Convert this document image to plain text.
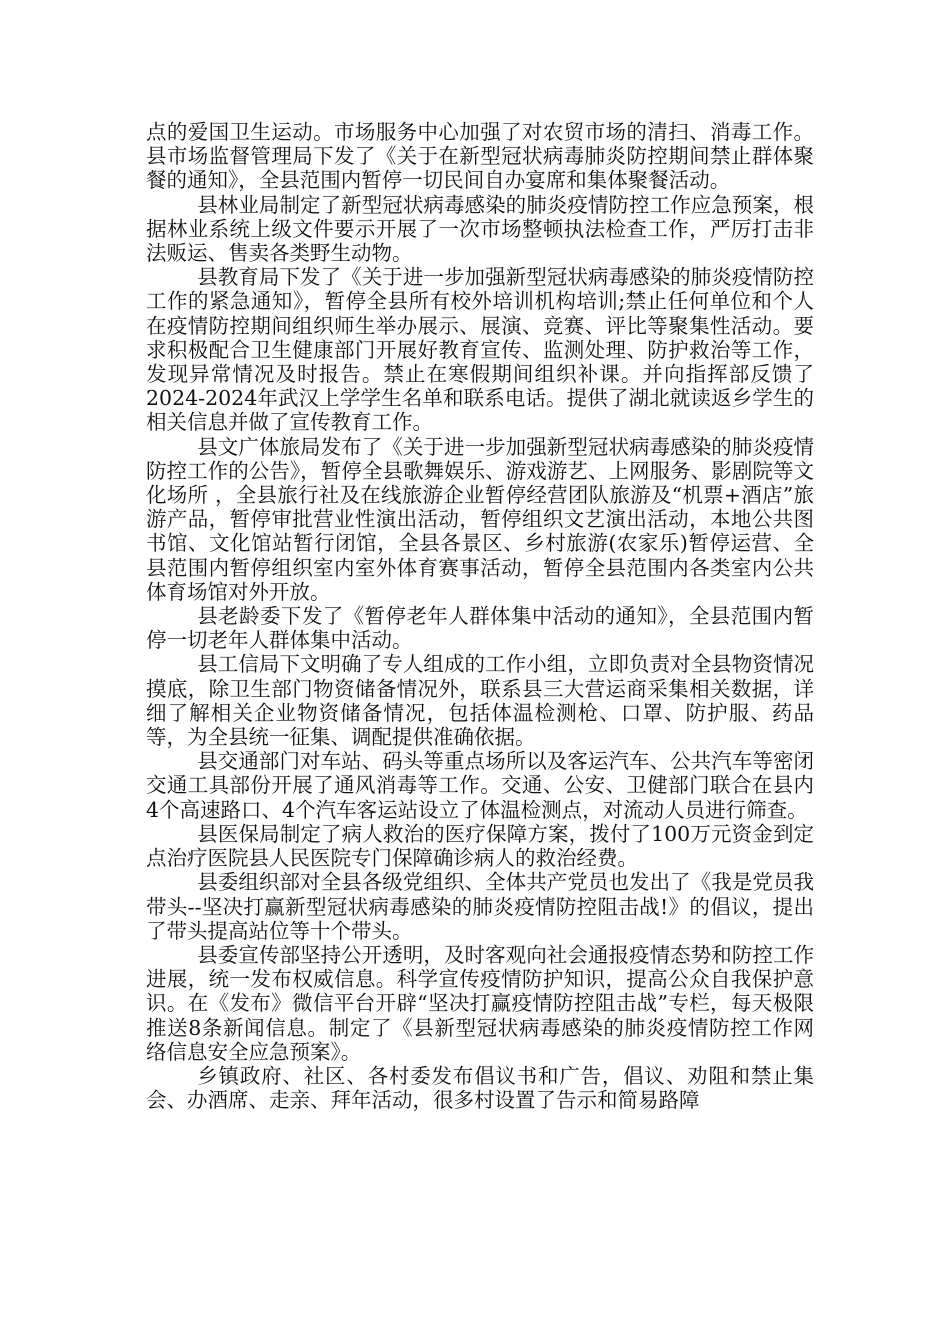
点的爱国卫生运动。市场服务中心加强了对农贸市场的清扫、消毒工作。县市场监督管理局下发了《关于在新型冠状病毒肺炎防控期间禁止群体聚餐的通知》，全县范围内暂停一切民间自办宴席和集体聚餐活动。

县林业局制定了新型冠状病毒感染的肺炎疫情防控工作应急预案，根据林业系统上级文件要示开展了一次市场整顿执法检查工作，严厉打击非法贩运、售卖各类野生动物。

县教育局下发了《关于进一步加强新型冠状病毒感染的肺炎疫情防控工作的紧急通知》，暂停全县所有校外培训机构培训;禁止任何单位和个人在疫情防控期间组织师生举办展示、展演、竞赛、评比等聚集性活动。要求积极配合卫生健康部门开展好教育宣传、监测处理、防护救治等工作，发现异常情况及时报告。禁止在寒假期间组织补课。并向指挥部反馈了2024-2024年武汉上学学生名单和联系电话。提供了湖北就读返乡学生的相关信息并做了宣传教育工作。

县文广体旅局发布了《关于进一步加强新型冠状病毒感染的肺炎疫情防控工作的公告》，暂停全县歌舞娱乐、游戏游艺、上网服务、影剧院等文化场所 ，全县旅行社及在线旅游企业暂停经营团队旅游及“机票+酒店”旅游产品，暂停审批营业性演出活动，暂停组织文艺演出活动，本地公共图书馆、文化馆站暂行闭馆，全县各景区、乡村旅游(农家乐)暂停运营、全县范围内暂停组织室内室外体育赛事活动，暂停全县范围内各类室内公共体育场馆对外开放。

县老龄委下发了《暂停老年人群体集中活动的通知》，全县范围内暂停一切老年人群体集中活动。

县工信局下文明确了专人组成的工作小组，立即负责对全县物资情况摸底，除卫生部门物资储备情况外，联系县三大营运商采集相关数据，详细了解相关企业物资储备情况，包括体温检测枪、口罩、防护服、药品等，为全县统一征集、调配提供准确依据。

县交通部门对车站、码头等重点场所以及客运汽车、公共汽车等密闭交通工具部份开展了通风消毒等工作。交通、公安、卫健部门联合在县内4个高速路口、4个汽车客运站设立了体温检测点，对流动人员进行筛查。

县医保局制定了病人救治的医疗保障方案，拨付了100万元资金到定点治疗医院县人民医院专门保障确诊病人的救治经费。

县委组织部对全县各级党组织、全体共产党员也发出了《我是党员我带头--坚决打赢新型冠状病毒感染的肺炎疫情防控阻击战!》的倡议，提出了带头提高站位等十个带头。

县委宣传部坚持公开透明，及时客观向社会通报疫情态势和防控工作进展，统一发布权威信息。科学宣传疫情防护知识，提高公众自我保护意识。在《发布》微信平台开辟“坚决打赢疫情防控阻击战”专栏，每天极限推送8条新闻信息。制定了《县新型冠状病毒感染的肺炎疫情防控工作网络信息安全应急预案》。

乡镇政府、社区、各村委发布倡议书和广告，倡议、劝阻和禁止集会、办酒席、走亲、拜年活动，很多村设置了告示和简易路障
